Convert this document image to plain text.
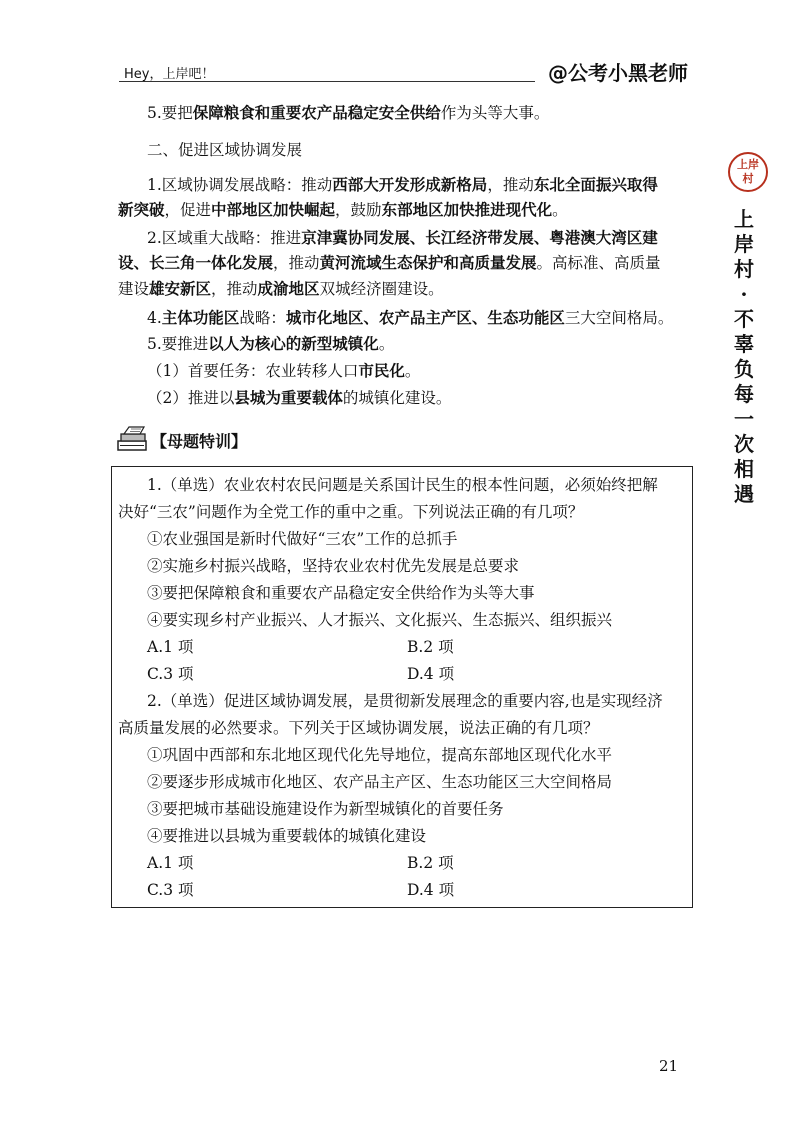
Hey，上岸吧！	@公考小黑老师
上岸
村
上
岸
村
·
不
辜
负
每
一
次
相
遇
5.要把保障粮食和重要农产品稳定安全供给作为头等大事。
二、促进区域协调发展
1.区域协调发展战略：推动西部大开发形成新格局，推动东北全面振兴取得
新突破，促进中部地区加快崛起，鼓励东部地区加快推进现代化。
2.区域重大战略：推进京津冀协同发展、长江经济带发展、粤港澳大湾区建
设、长三角一体化发展，推动黄河流域生态保护和高质量发展。高标准、高质量
建设雄安新区，推动成渝地区双城经济圈建设。
4.主体功能区战略：城市化地区、农产品主产区、生态功能区三大空间格局。
5.要推进以人为核心的新型城镇化。
（1）首要任务：农业转移人口市民化。
（2）推进以县城为重要载体的城镇化建设。
【母题特训】
1.（单选）农业农村农民问题是关系国计民生的根本性问题，必须始终把解
决好“三农”问题作为全党工作的重中之重。下列说法正确的有几项？
①农业强国是新时代做好“三农”工作的总抓手
②实施乡村振兴战略，坚持农业农村优先发展是总要求
③要把保障粮食和重要农产品稳定安全供给作为头等大事
④要实现乡村产业振兴、人才振兴、文化振兴、生态振兴、组织振兴
A.1 项	B.2 项
C.3 项	D.4 项
2.（单选）促进区域协调发展，是贯彻新发展理念的重要内容,也是实现经济
高质量发展的必然要求。下列关于区域协调发展，说法正确的有几项？
①巩固中西部和东北地区现代化先导地位，提高东部地区现代化水平
②要逐步形成城市化地区、农产品主产区、生态功能区三大空间格局
③要把城市基础设施建设作为新型城镇化的首要任务
④要推进以县城为重要载体的城镇化建设
A.1 项	B.2 项
C.3 项	D.4 项
21
